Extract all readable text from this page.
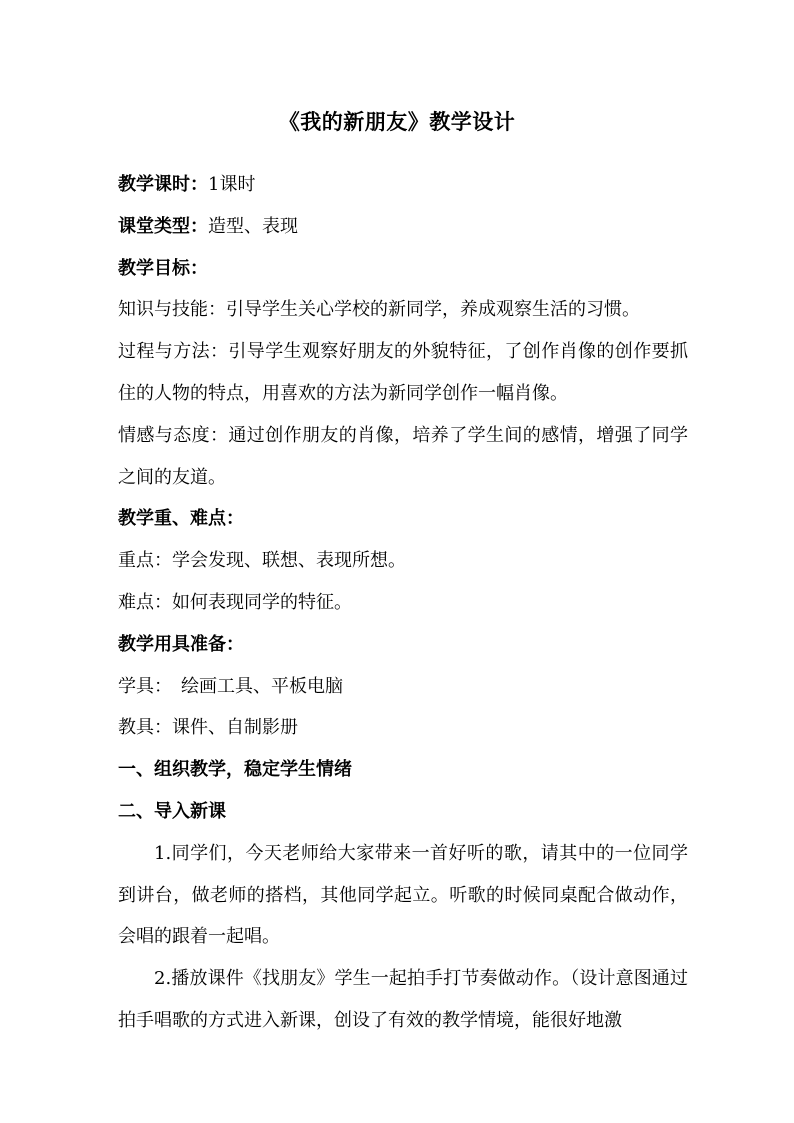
《我的新朋友》教学设计
教学课时：1课时
课堂类型：造型、表现
教学目标：
知识与技能：引导学生关心学校的新同学，养成观察生活的习惯。
过程与方法：引导学生观察好朋友的外貌特征，了创作肖像的创作要抓住的人物的特点，用喜欢的方法为新同学创作一幅肖像。
情感与态度：通过创作朋友的肖像，培养了学生间的感情，增强了同学之间的友道。
教学重、难点：
重点：学会发现、联想、表现所想。
难点：如何表现同学的特征。
教学用具准备：
学具：　绘画工具、平板电脑
教具：课件、自制影册
一、组织教学，稳定学生情绪
二、导入新课
1.同学们，今天老师给大家带来一首好听的歌，请其中的一位同学到讲台，做老师的搭档，其他同学起立。听歌的时候同桌配合做动作，会唱的跟着一起唱。
2.播放课件《找朋友》学生一起拍手打节奏做动作。（设计意图通过拍手唱歌的方式进入新课，创设了有效的教学情境，能很好地激
